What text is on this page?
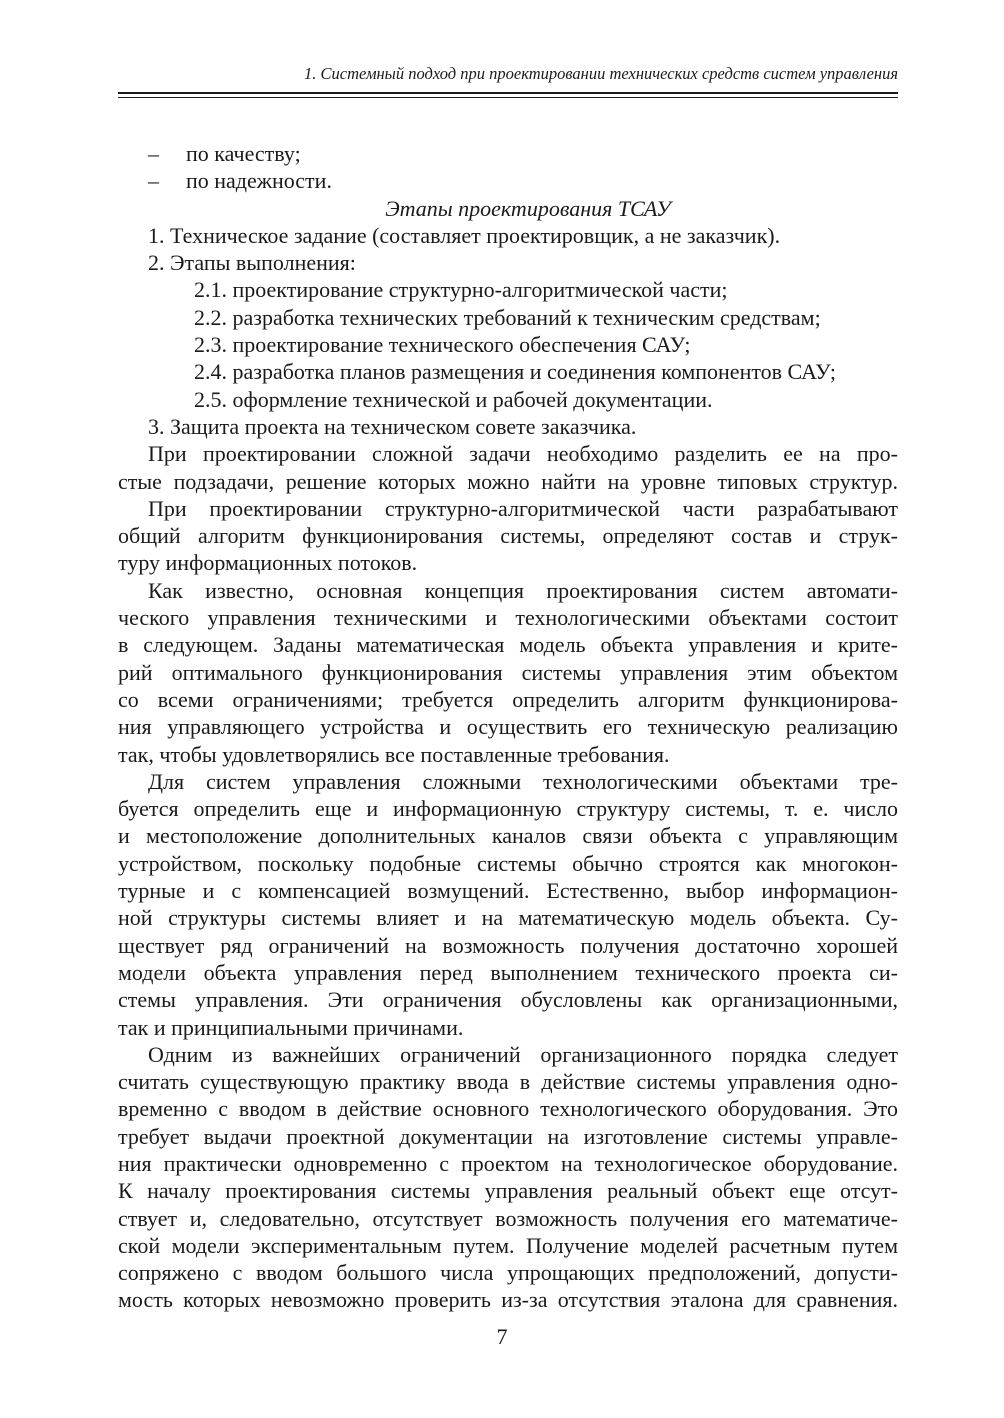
1. Системный подход при проектировании технических средств систем управления
– по качеству;
– по надежности.
Этапы проектирования ТСАУ
1. Техническое задание (составляет проектировщик, а не заказчик).
2. Этапы выполнения:
2.1. проектирование структурно-алгоритмической части;
2.2. разработка технических требований к техническим средствам;
2.3. проектирование технического обеспечения САУ;
2.4. разработка планов размещения и соединения компонентов САУ;
2.5. оформление технической и рабочей документации.
3. Защита проекта на техническом совете заказчика.
При проектировании сложной задачи необходимо разделить ее на про-
стые подзадачи, решение которых можно найти на уровне типовых структур.
При проектировании структурно-алгоритмической части разрабатывают
общий алгоритм функционирования системы, определяют состав и струк-
туру информационных потоков.
Как известно, основная концепция проектирования систем автомати-
ческого управления техническими и технологическими объектами состоит
в следующем. Заданы математическая модель объекта управления и крите-
рий оптимального функционирования системы управления этим объектом
со всеми ограничениями; требуется определить алгоритм функционирова-
ния управляющего устройства и осуществить его техническую реализацию
так, чтобы удовлетворялись все поставленные требования.
Для систем управления сложными технологическими объектами тре-
буется определить еще и информационную структуру системы, т. е. число
и местоположение дополнительных каналов связи объекта с управляющим
устройством, поскольку подобные системы обычно строятся как многокон-
турные и с компенсацией возмущений. Естественно, выбор информацион-
ной структуры системы влияет и на математическую модель объекта. Су-
ществует ряд ограничений на возможность получения достаточно хорошей
модели объекта управления перед выполнением технического проекта си-
стемы управления. Эти ограничения обусловлены как организационными,
так и принципиальными причинами.
Одним из важнейших ограничений организационного порядка следует
считать существующую практику ввода в действие системы управления одно-
временно с вводом в действие основного технологического оборудования. Это
требует выдачи проектной документации на изготовление системы управле-
ния практически одновременно с проектом на технологическое оборудование.
К началу проектирования системы управления реальный объект еще отсут-
ствует и, следовательно, отсутствует возможность получения его математиче-
ской модели экспериментальным путем. Получение моделей расчетным путем
сопряжено с вводом большого числа упрощающих предположений, допусти-
мость которых невозможно проверить из-за отсутствия эталона для сравнения.
7
